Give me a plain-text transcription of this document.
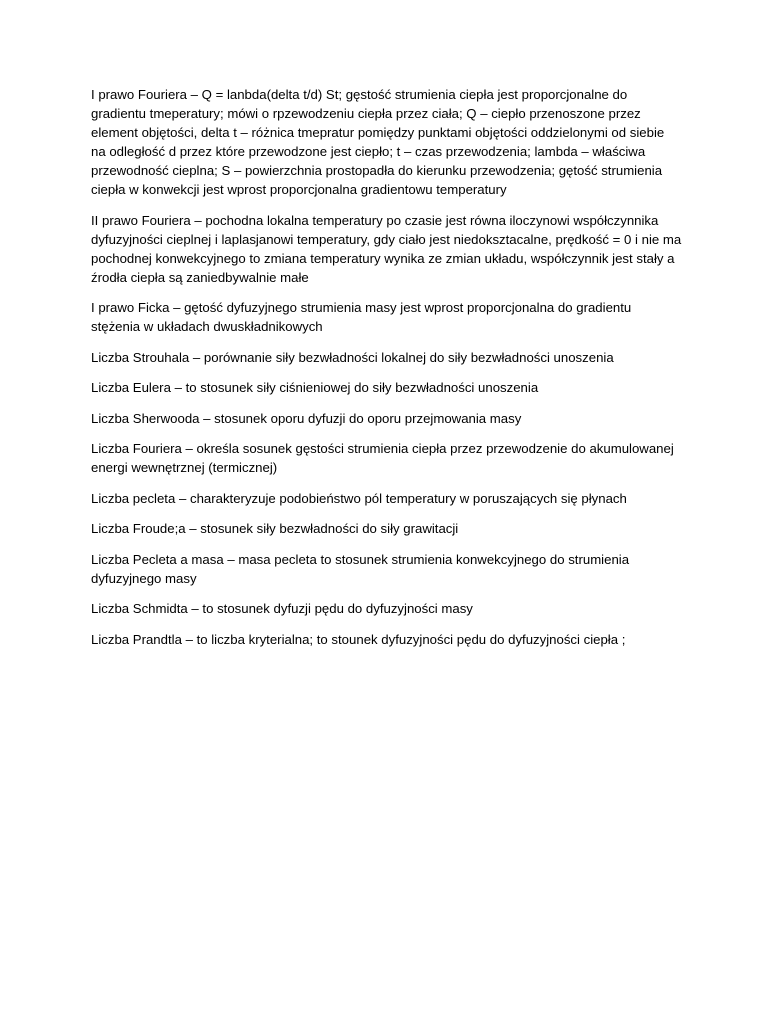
I prawo Fouriera – Q = lanbda(delta t/d) St; gęstość strumienia ciepła jest proporcjonalne do
gradientu tmeperatury; mówi o rpzewodzeniu ciepła przez ciała; Q – ciepło przenoszone przez
element objętości, delta t – różnica tmepratur pomiędzy punktami objętości oddzielonymi od siebie
na odległość d przez które przewodzone jest ciepło; t – czas przewodzenia; lambda – właściwa
przewodność cieplna; S – powierzchnia prostopadła do kierunku przewodzenia; gętość strumienia
ciepła w konwekcji jest wprost proporcjonalna gradientowu temperatury

II prawo Fouriera – pochodna lokalna temperatury po czasie jest równa iloczynowi współczynnika
dyfuzyjności cieplnej i laplasjanowi temperatury, gdy ciało jest niedoksztacalne, prędkość = 0 i nie ma
pochodnej konwekcyjnego to zmiana temperatury wynika ze zmian układu, współczynnik jest stały a
źrodła ciepła są zaniedbywalnie małe

I prawo Ficka – gętość dyfuzyjnego strumienia masy jest wprost proporcjonalna do gradientu
stężenia w układach dwuskładnikowych

Liczba Strouhala – porównanie siły bezwładności lokalnej do siły bezwładności unoszenia

Liczba Eulera – to stosunek siły ciśnieniowej do siły bezwładności unoszenia

Liczba Sherwooda – stosunek oporu dyfuzji do oporu przejmowania masy

Liczba Fouriera – określa sosunek gęstości strumienia ciepła przez przewodzenie do akumulowanej
energi wewnętrznej (termicznej)

Liczba pecleta – charakteryzuje podobieństwo pól temperatury w poruszających się płynach

Liczba Froude;a – stosunek siły bezwładności do siły grawitacji

Liczba Pecleta a masa – masa pecleta to stosunek strumienia konwekcyjnego do strumienia
dyfuzyjnego masy

Liczba Schmidta – to stosunek dyfuzji pędu do dyfuzyjności masy

Liczba Prandtla – to liczba kryterialna; to stounek dyfuzyjności pędu do dyfuzyjności ciepła ;
